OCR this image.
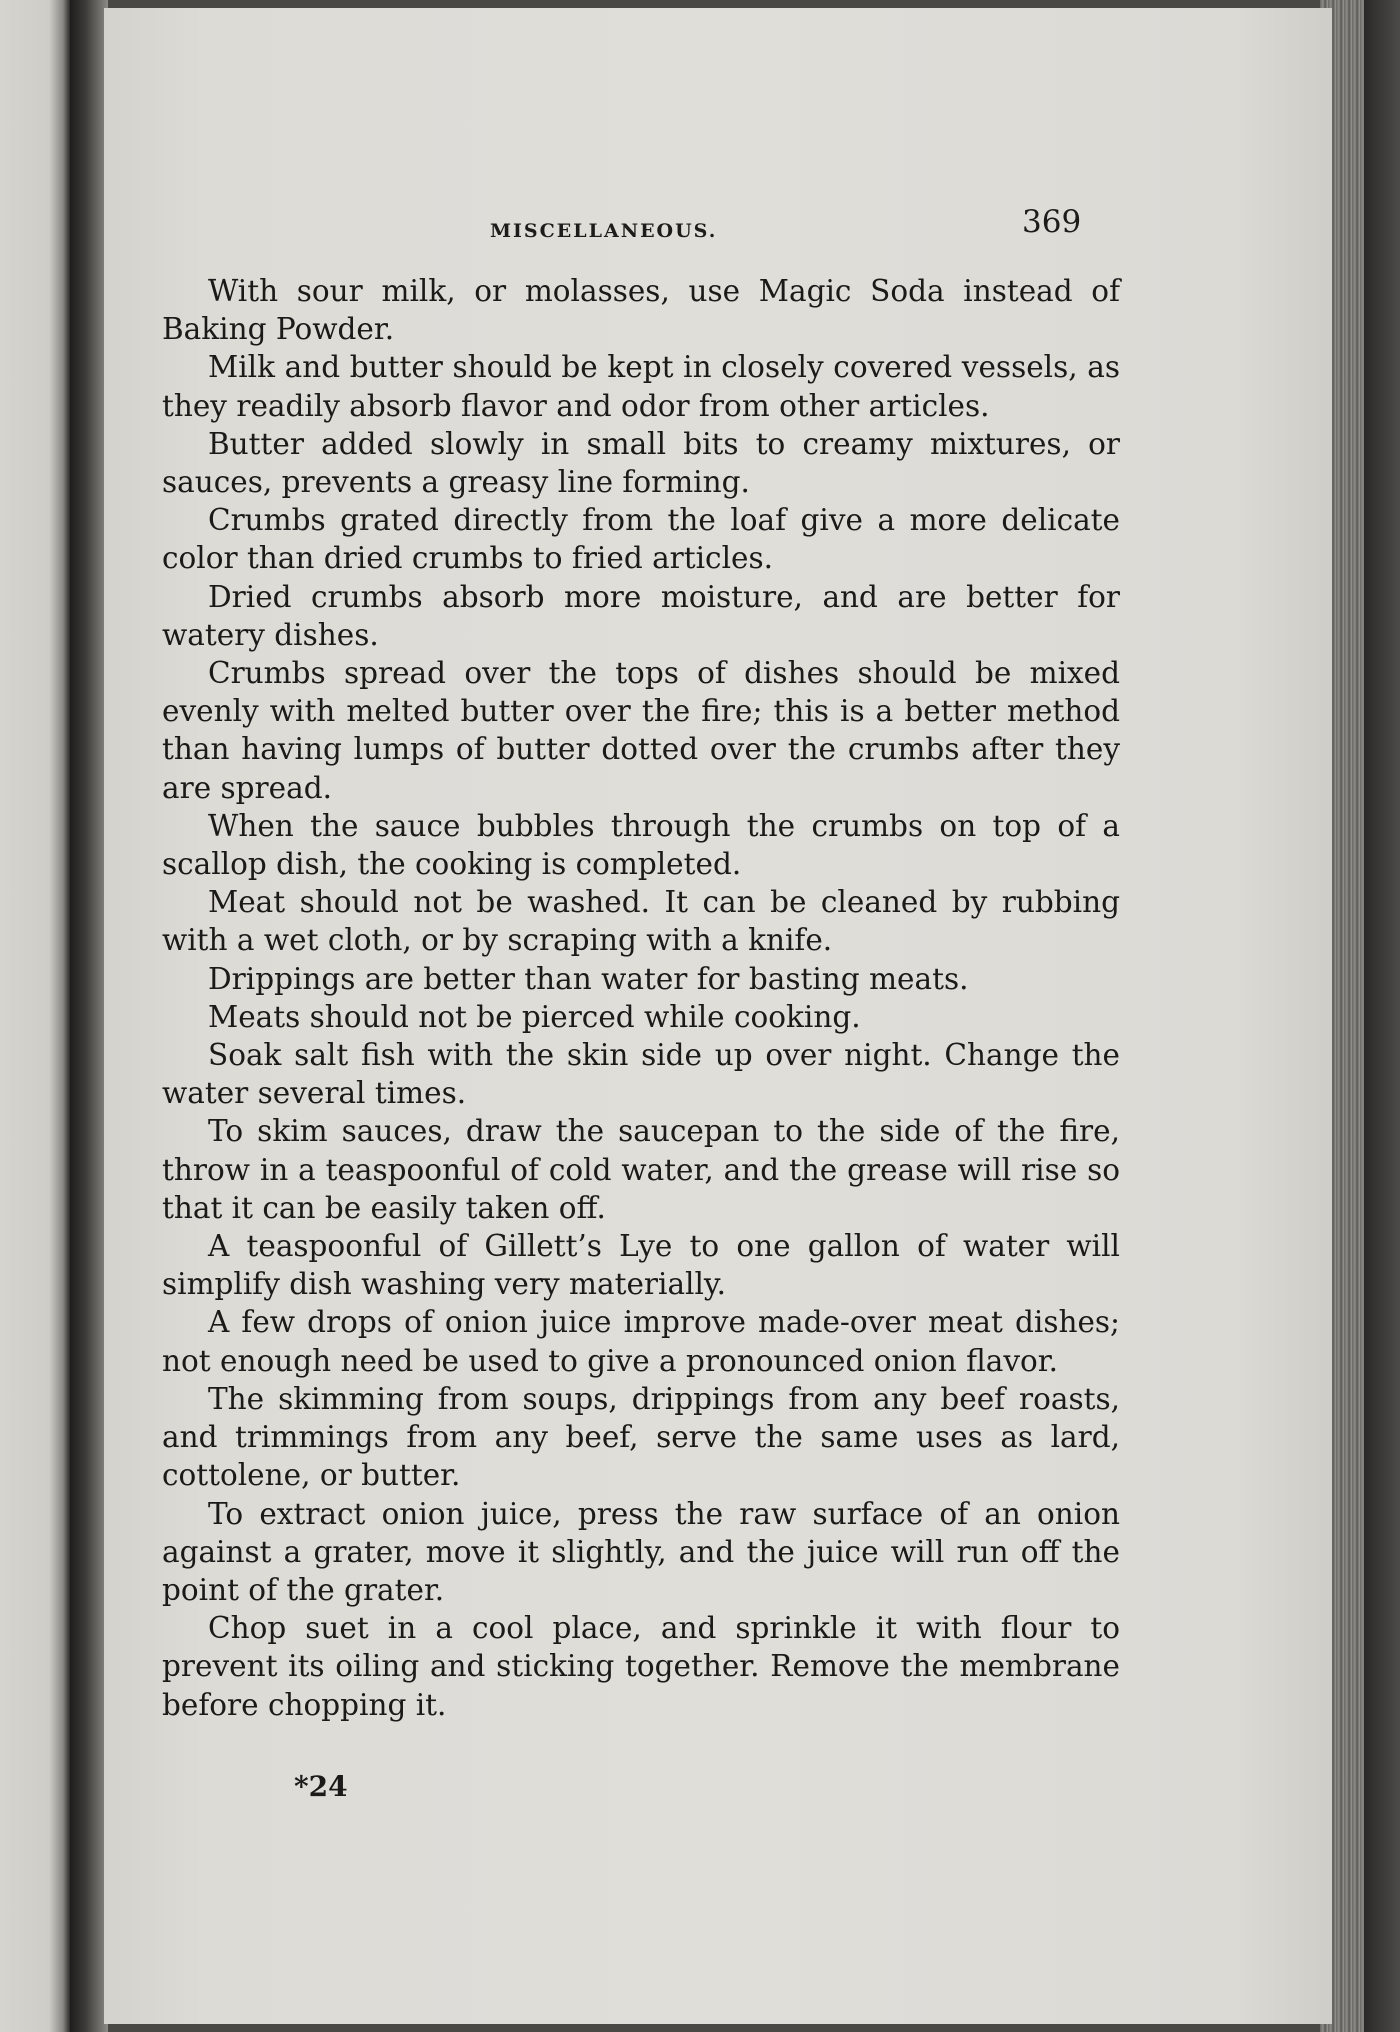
MISCELLANEOUS.	369

With sour milk, or molasses, use Magic Soda instead of Baking Powder.

Milk and butter should be kept in closely covered vessels, as they readily absorb flavor and odor from other articles.

Butter added slowly in small bits to creamy mixtures, or sauces, prevents a greasy line forming.

Crumbs grated directly from the loaf give a more delicate color than dried crumbs to fried articles.

Dried crumbs absorb more moisture, and are better for watery dishes.

Crumbs spread over the tops of dishes should be mixed evenly with melted butter over the fire; this is a better method than having lumps of butter dotted over the crumbs after they are spread.

When the sauce bubbles through the crumbs on top of a scallop dish, the cooking is completed.

Meat should not be washed. It can be cleaned by rubbing with a wet cloth, or by scraping with a knife.

Drippings are better than water for basting meats.

Meats should not be pierced while cooking.

Soak salt fish with the skin side up over night. Change the water several times.

To skim sauces, draw the saucepan to the side of the fire, throw in a teaspoonful of cold water, and the grease will rise so that it can be easily taken off.

A teaspoonful of Gillett’s Lye to one gallon of water will simplify dish washing very materially.

A few drops of onion juice improve made-over meat dishes; not enough need be used to give a pronounced onion flavor.

The skimming from soups, drippings from any beef roasts, and trimmings from any beef, serve the same uses as lard, cottolene, or butter.

To extract onion juice, press the raw surface of an onion against a grater, move it slightly, and the juice will run off the point of the grater.

Chop suet in a cool place, and sprinkle it with flour to prevent its oiling and sticking together. Remove the membrane before chopping it.

*24
